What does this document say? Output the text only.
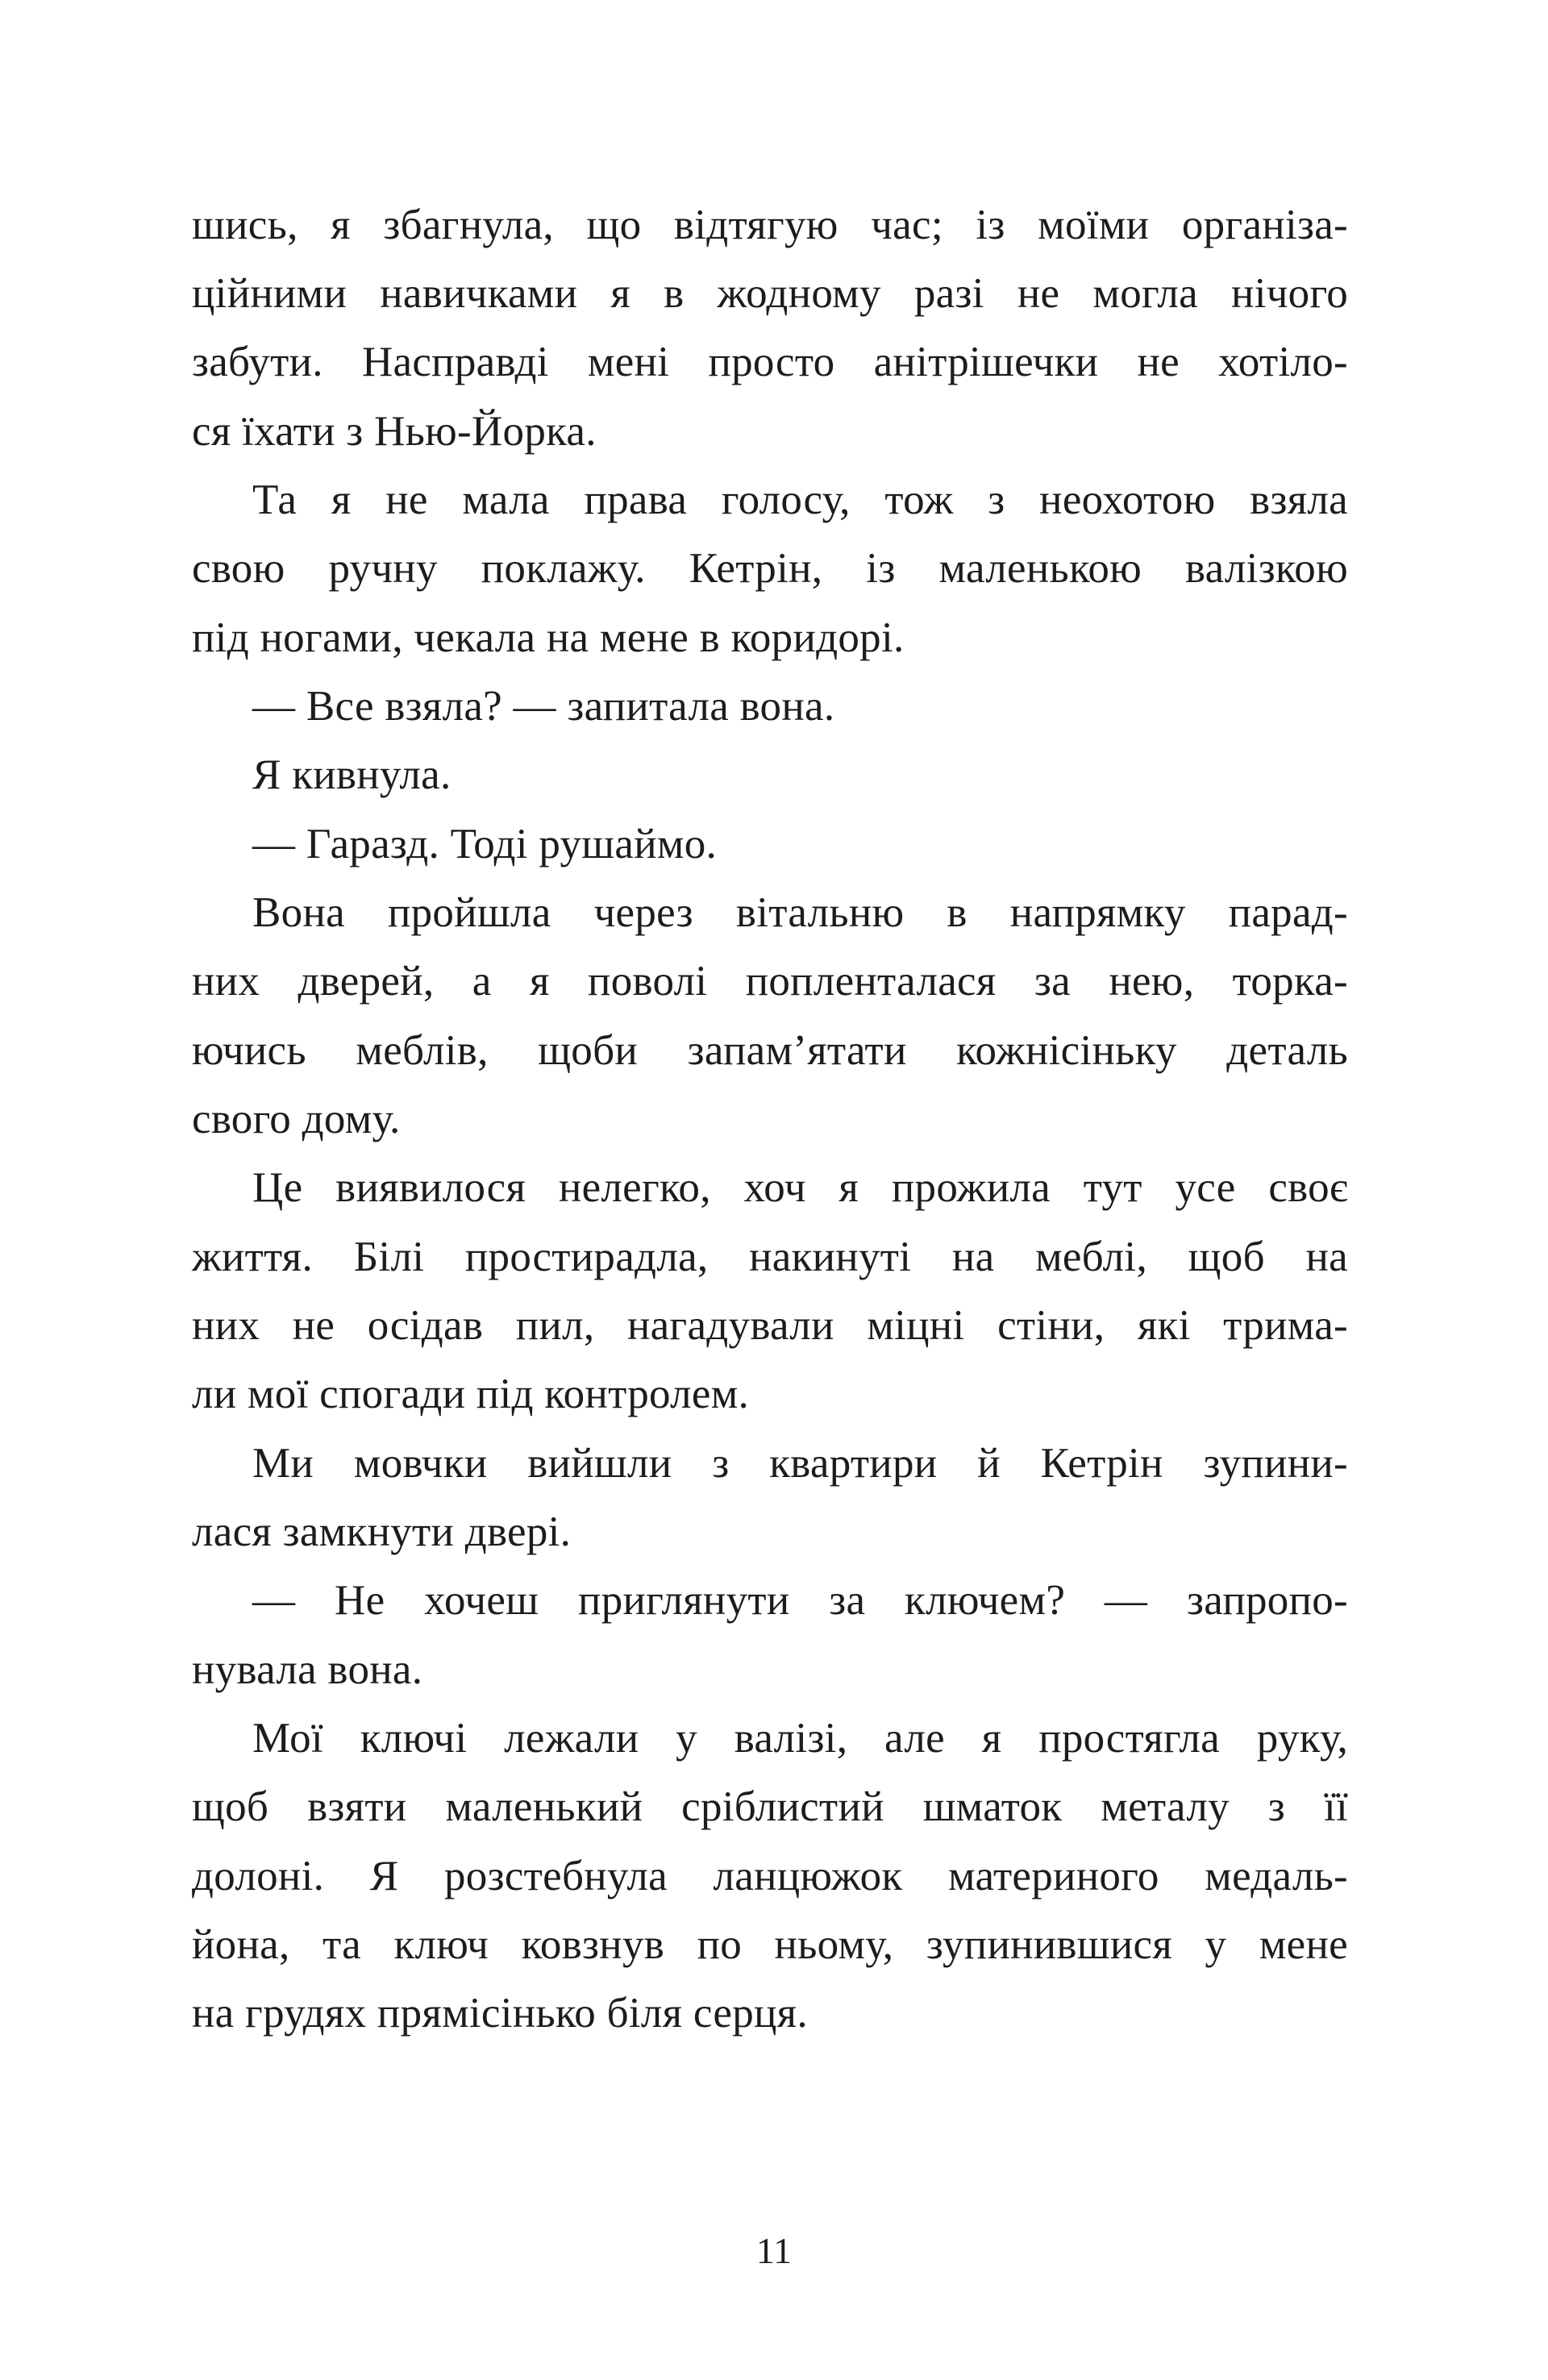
шись, я збагнула, що відтягую час; із моїми організа-
ційними навичками я в жодному разі не могла нічого
забути. Насправді мені просто анітрішечки не хотіло-
ся їхати з Нью-Йорка.
Та я не мала права голосу, тож з неохотою взяла
свою ручну поклажу. Кетрін, із маленькою валізкою
під ногами, чекала на мене в коридорі.
— Все взяла? — запитала вона.
Я кивнула.
— Гаразд. Тоді рушаймо.
Вона пройшла через вітальню в напрямку парад-
них дверей, а я поволі попленталася за нею, торка-
ючись меблів, щоби запам’ятати кожнісіньку деталь
свого дому.
Це виявилося нелегко, хоч я прожила тут усе своє
життя. Білі простирадла, накинуті на меблі, щоб на
них не осідав пил, нагадували міцні стіни, які трима-
ли мої спогади під контролем.
Ми мовчки вийшли з квартири й Кетрін зупини-
лася замкнути двері.
— Не хочеш приглянути за ключем? — запропо-
нувала вона.
Мої ключі лежали у валізі, але я простягла руку,
щоб взяти маленький сріблистий шматок металу з її
долоні. Я розстебнула ланцюжок материного медаль-
йона, та ключ ковзнув по ньому, зупинившися у мене
на грудях прямісінько біля серця.
11
